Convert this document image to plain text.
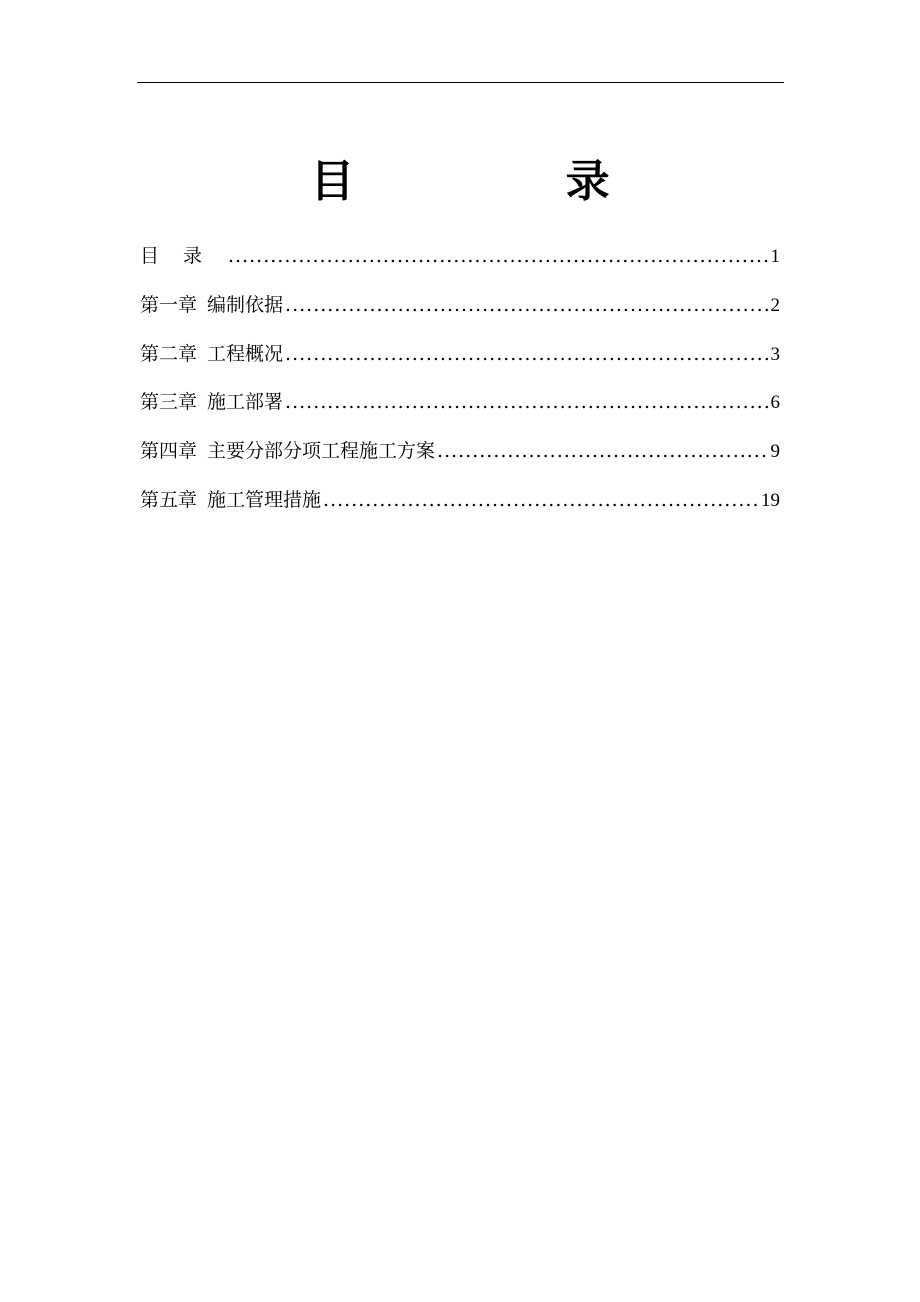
目 录
目录 .....	1
第一章 编制依据 .....	2
第二章 工程概况 .....	3
第三章 施工部署 .....	6
第四章 主要分部分项工程施工方案 .....	9
第五章 施工管理措施 .....	19
